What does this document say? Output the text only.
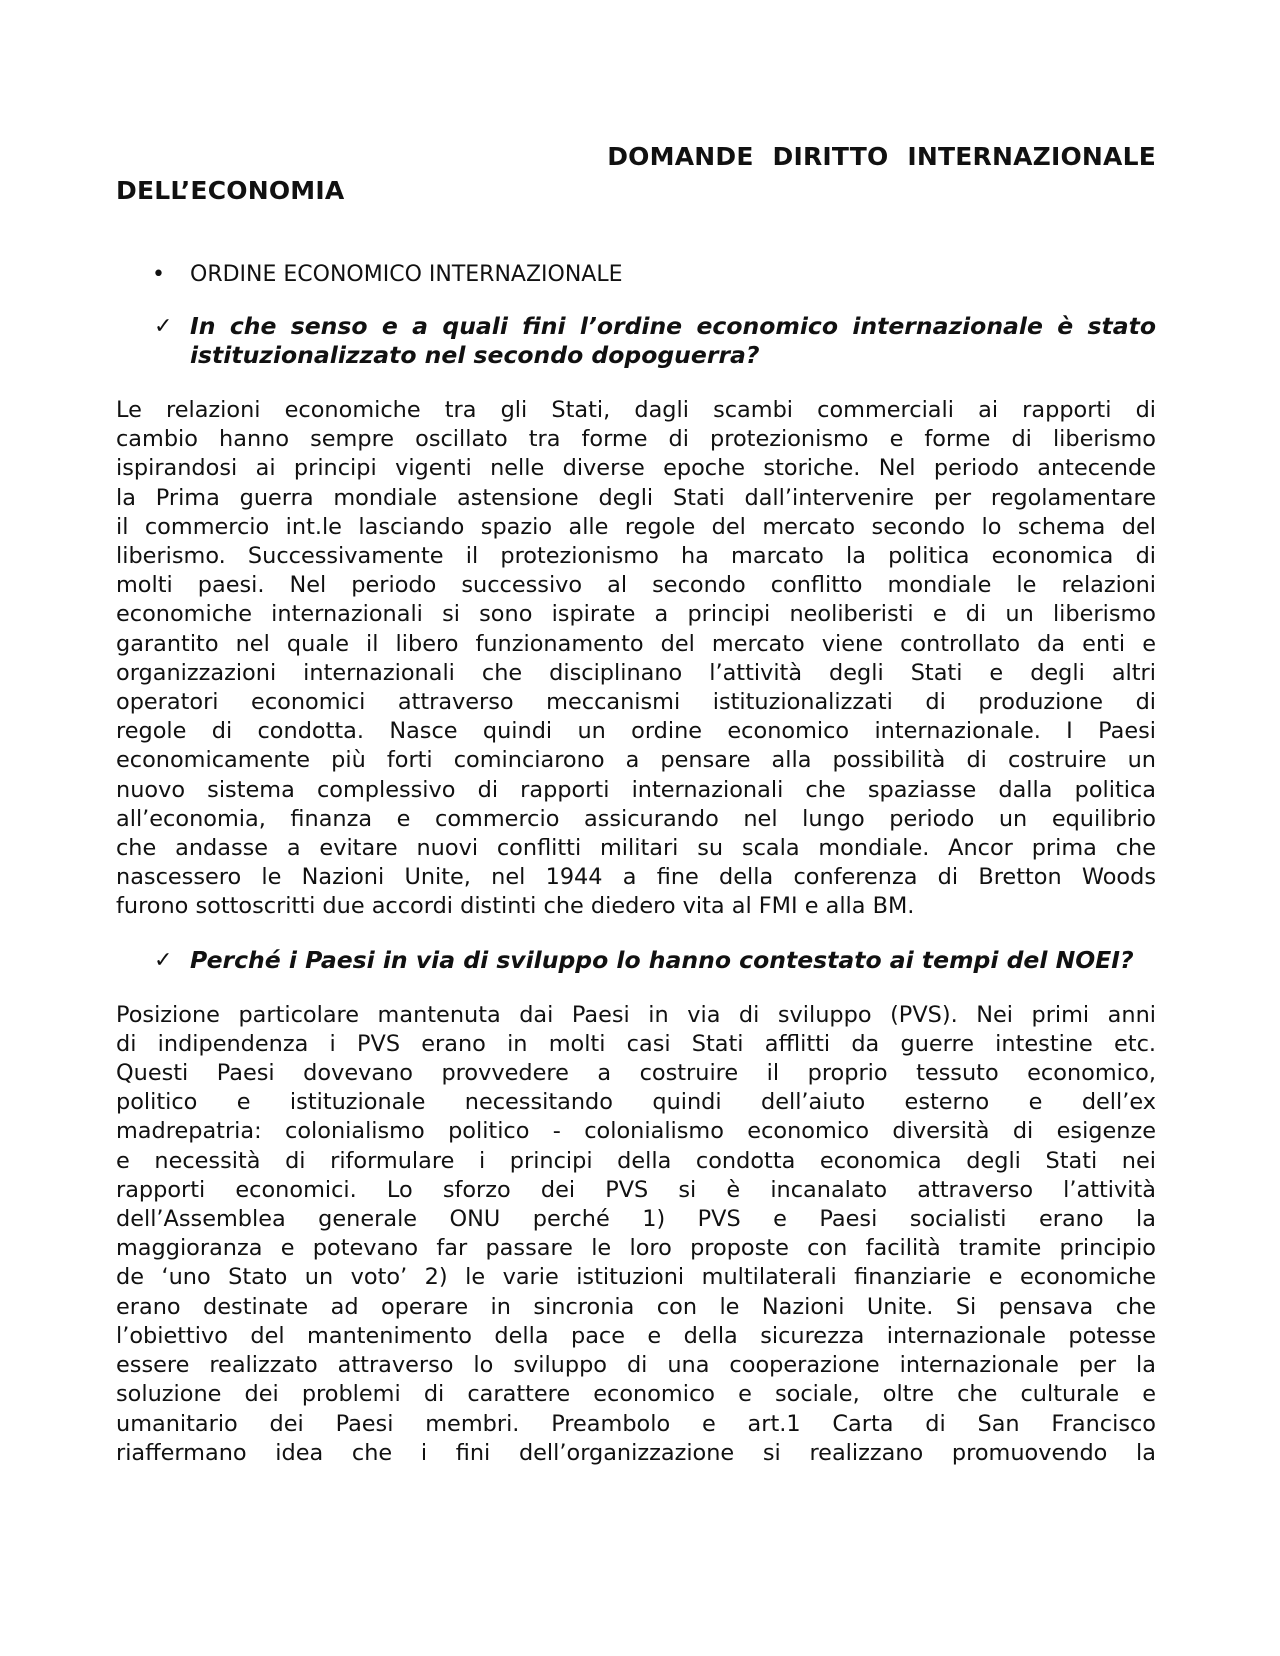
DOMANDE DIRITTO INTERNAZIONALE
DELL’ECONOMIA
•	ORDINE ECONOMICO INTERNAZIONALE
✓ In che senso e a quali fini l’ordine economico internazionale è stato istituzionalizzato nel secondo dopoguerra?

Le relazioni economiche tra gli Stati, dagli scambi commerciali ai rapporti di
cambio hanno sempre oscillato tra forme di protezionismo e forme di liberismo
ispirandosi ai principi vigenti nelle diverse epoche storiche. Nel periodo antecende
la Prima guerra mondiale astensione degli Stati dall’intervenire per regolamentare
il commercio int.le lasciando spazio alle regole del mercato secondo lo schema del
liberismo. Successivamente il protezionismo ha marcato la politica economica di
molti paesi. Nel periodo successivo al secondo conflitto mondiale le relazioni
economiche internazionali si sono ispirate a principi neoliberisti e di un liberismo
garantito nel quale il libero funzionamento del mercato viene controllato da enti e
organizzazioni internazionali che disciplinano l’attività degli Stati e degli altri
operatori economici attraverso meccanismi istituzionalizzati di produzione di
regole di condotta. Nasce quindi un ordine economico internazionale. I Paesi
economicamente più forti cominciarono a pensare alla possibilità di costruire un
nuovo sistema complessivo di rapporti internazionali che spaziasse dalla politica
all’economia, finanza e commercio assicurando nel lungo periodo un equilibrio
che andasse a evitare nuovi conflitti militari su scala mondiale. Ancor prima che
nascessero le Nazioni Unite, nel 1944 a fine della conferenza di Bretton Woods
furono sottoscritti due accordi distinti che diedero vita al FMI e alla BM.

✓ Perché i Paesi in via di sviluppo lo hanno contestato ai tempi del NOEI?

Posizione particolare mantenuta dai Paesi in via di sviluppo (PVS). Nei primi anni
di indipendenza i PVS erano in molti casi Stati afflitti da guerre intestine etc.
Questi Paesi dovevano provvedere a costruire il proprio tessuto economico,
politico e istituzionale necessitando quindi dell’aiuto esterno e dell’ex
madrepatria: colonialismo politico - colonialismo economico diversità di esigenze
e necessità di riformulare i principi della condotta economica degli Stati nei
rapporti economici. Lo sforzo dei PVS si è incanalato attraverso l’attività
dell’Assemblea generale ONU perché 1) PVS e Paesi socialisti erano la
maggioranza e potevano far passare le loro proposte con facilità tramite principio
de ‘uno Stato un voto’ 2) le varie istituzioni multilaterali finanziarie e economiche
erano destinate ad operare in sincronia con le Nazioni Unite. Si pensava che
l’obiettivo del mantenimento della pace e della sicurezza internazionale potesse
essere realizzato attraverso lo sviluppo di una cooperazione internazionale per la
soluzione dei problemi di carattere economico e sociale, oltre che culturale e
umanitario dei Paesi membri. Preambolo e art.1 Carta di San Francisco
riaffermano idea che i fini dell’organizzazione si realizzano promuovendo la
